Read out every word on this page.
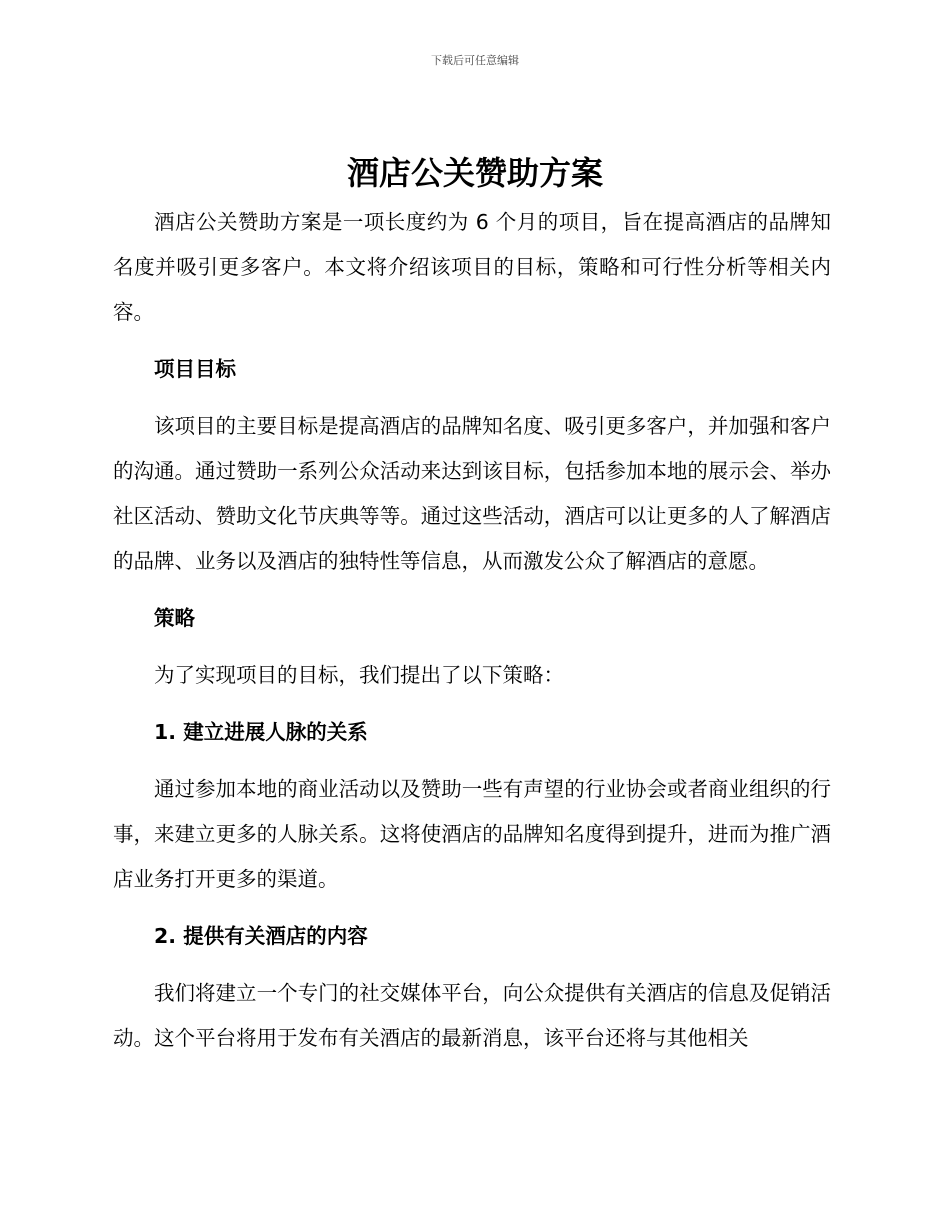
下载后可任意编辑
酒店公关赞助方案

酒店公关赞助方案是一项长度约为 6 个月的项目，旨在提高酒店的品牌知名度并吸引更多客户。本文将介绍该项目的目标，策略和可行性分析等相关内容。

项目目标

该项目的主要目标是提高酒店的品牌知名度、吸引更多客户，并加强和客户的沟通。通过赞助一系列公众活动来达到该目标，包括参加本地的展示会、举办社区活动、赞助文化节庆典等等。通过这些活动，酒店可以让更多的人了解酒店的品牌、业务以及酒店的独特性等信息，从而激发公众了解酒店的意愿。

策略

为了实现项目的目标，我们提出了以下策略：

1. 建立进展人脉的关系

通过参加本地的商业活动以及赞助一些有声望的行业协会或者商业组织的行事，来建立更多的人脉关系。这将使酒店的品牌知名度得到提升，进而为推广酒店业务打开更多的渠道。

2. 提供有关酒店的内容

我们将建立一个专门的社交媒体平台，向公众提供有关酒店的信息及促销活动。这个平台将用于发布有关酒店的最新消息，该平台还将与其他相关
